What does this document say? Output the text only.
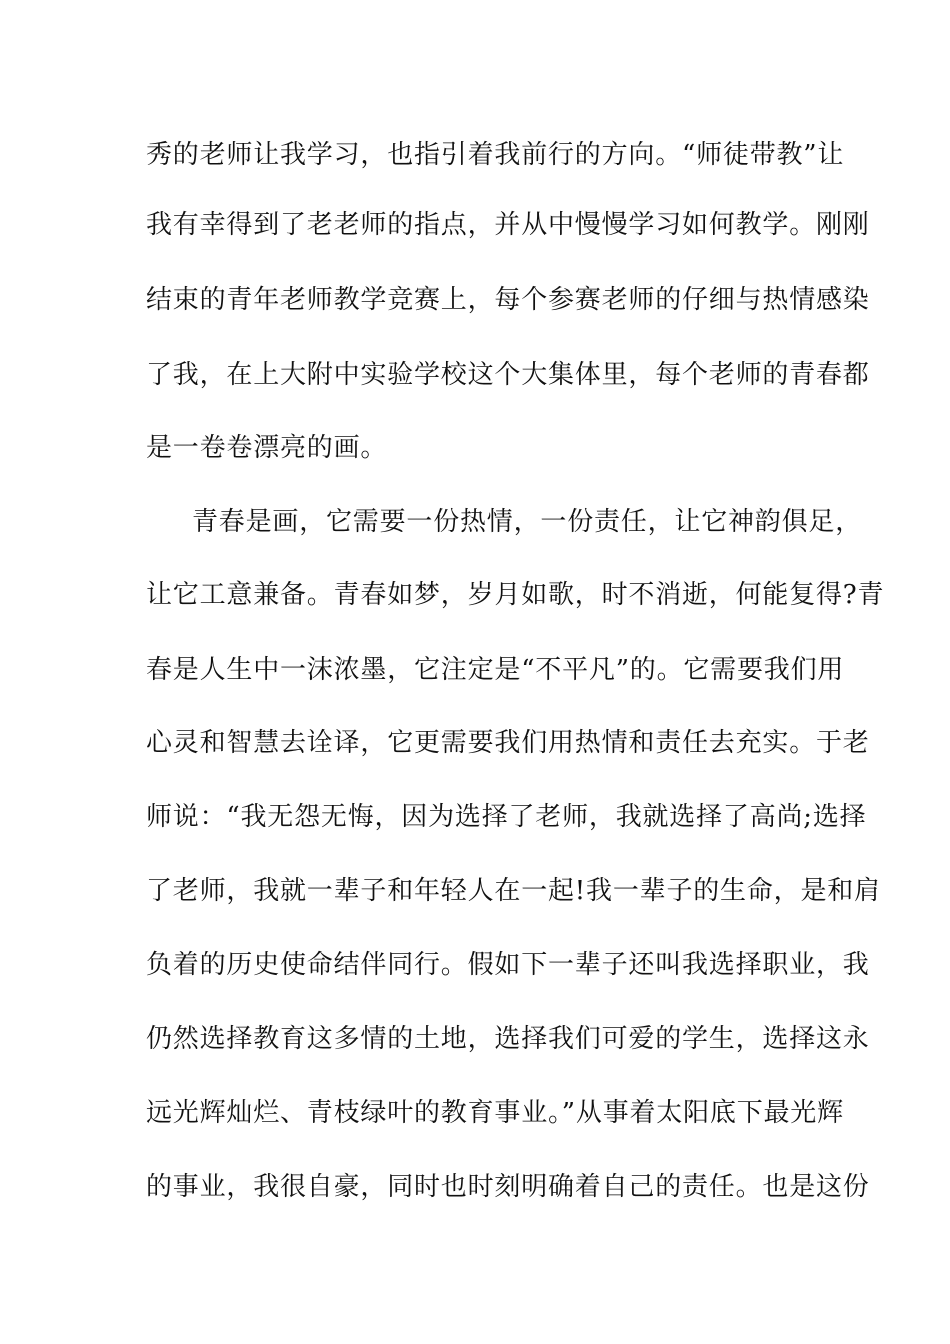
秀的老师让我学习，也指引着我前行的方向。“师徒带教”让
我有幸得到了老老师的指点，并从中慢慢学习如何教学。刚刚
结束的青年老师教学竞赛上，每个参赛老师的仔细与热情感染
了我，在上大附中实验学校这个大集体里，每个老师的青春都
是一卷卷漂亮的画。
青春是画，它需要一份热情，一份责任，让它神韵俱足，
让它工意兼备。青春如梦，岁月如歌，时不消逝，何能复得?青
春是人生中一沫浓墨，它注定是“不平凡”的。它需要我们用
心灵和智慧去诠译，它更需要我们用热情和责任去充实。于老
师说：“我无怨无悔，因为选择了老师，我就选择了高尚;选择
了老师，我就一辈子和年轻人在一起!我一辈子的生命，是和肩
负着的历史使命结伴同行。假如下一辈子还叫我选择职业，我
仍然选择教育这多情的土地，选择我们可爱的学生，选择这永
远光辉灿烂、青枝绿叶的教育事业。”从事着太阳底下最光辉
的事业，我很自豪，同时也时刻明确着自己的责任。也是这份
